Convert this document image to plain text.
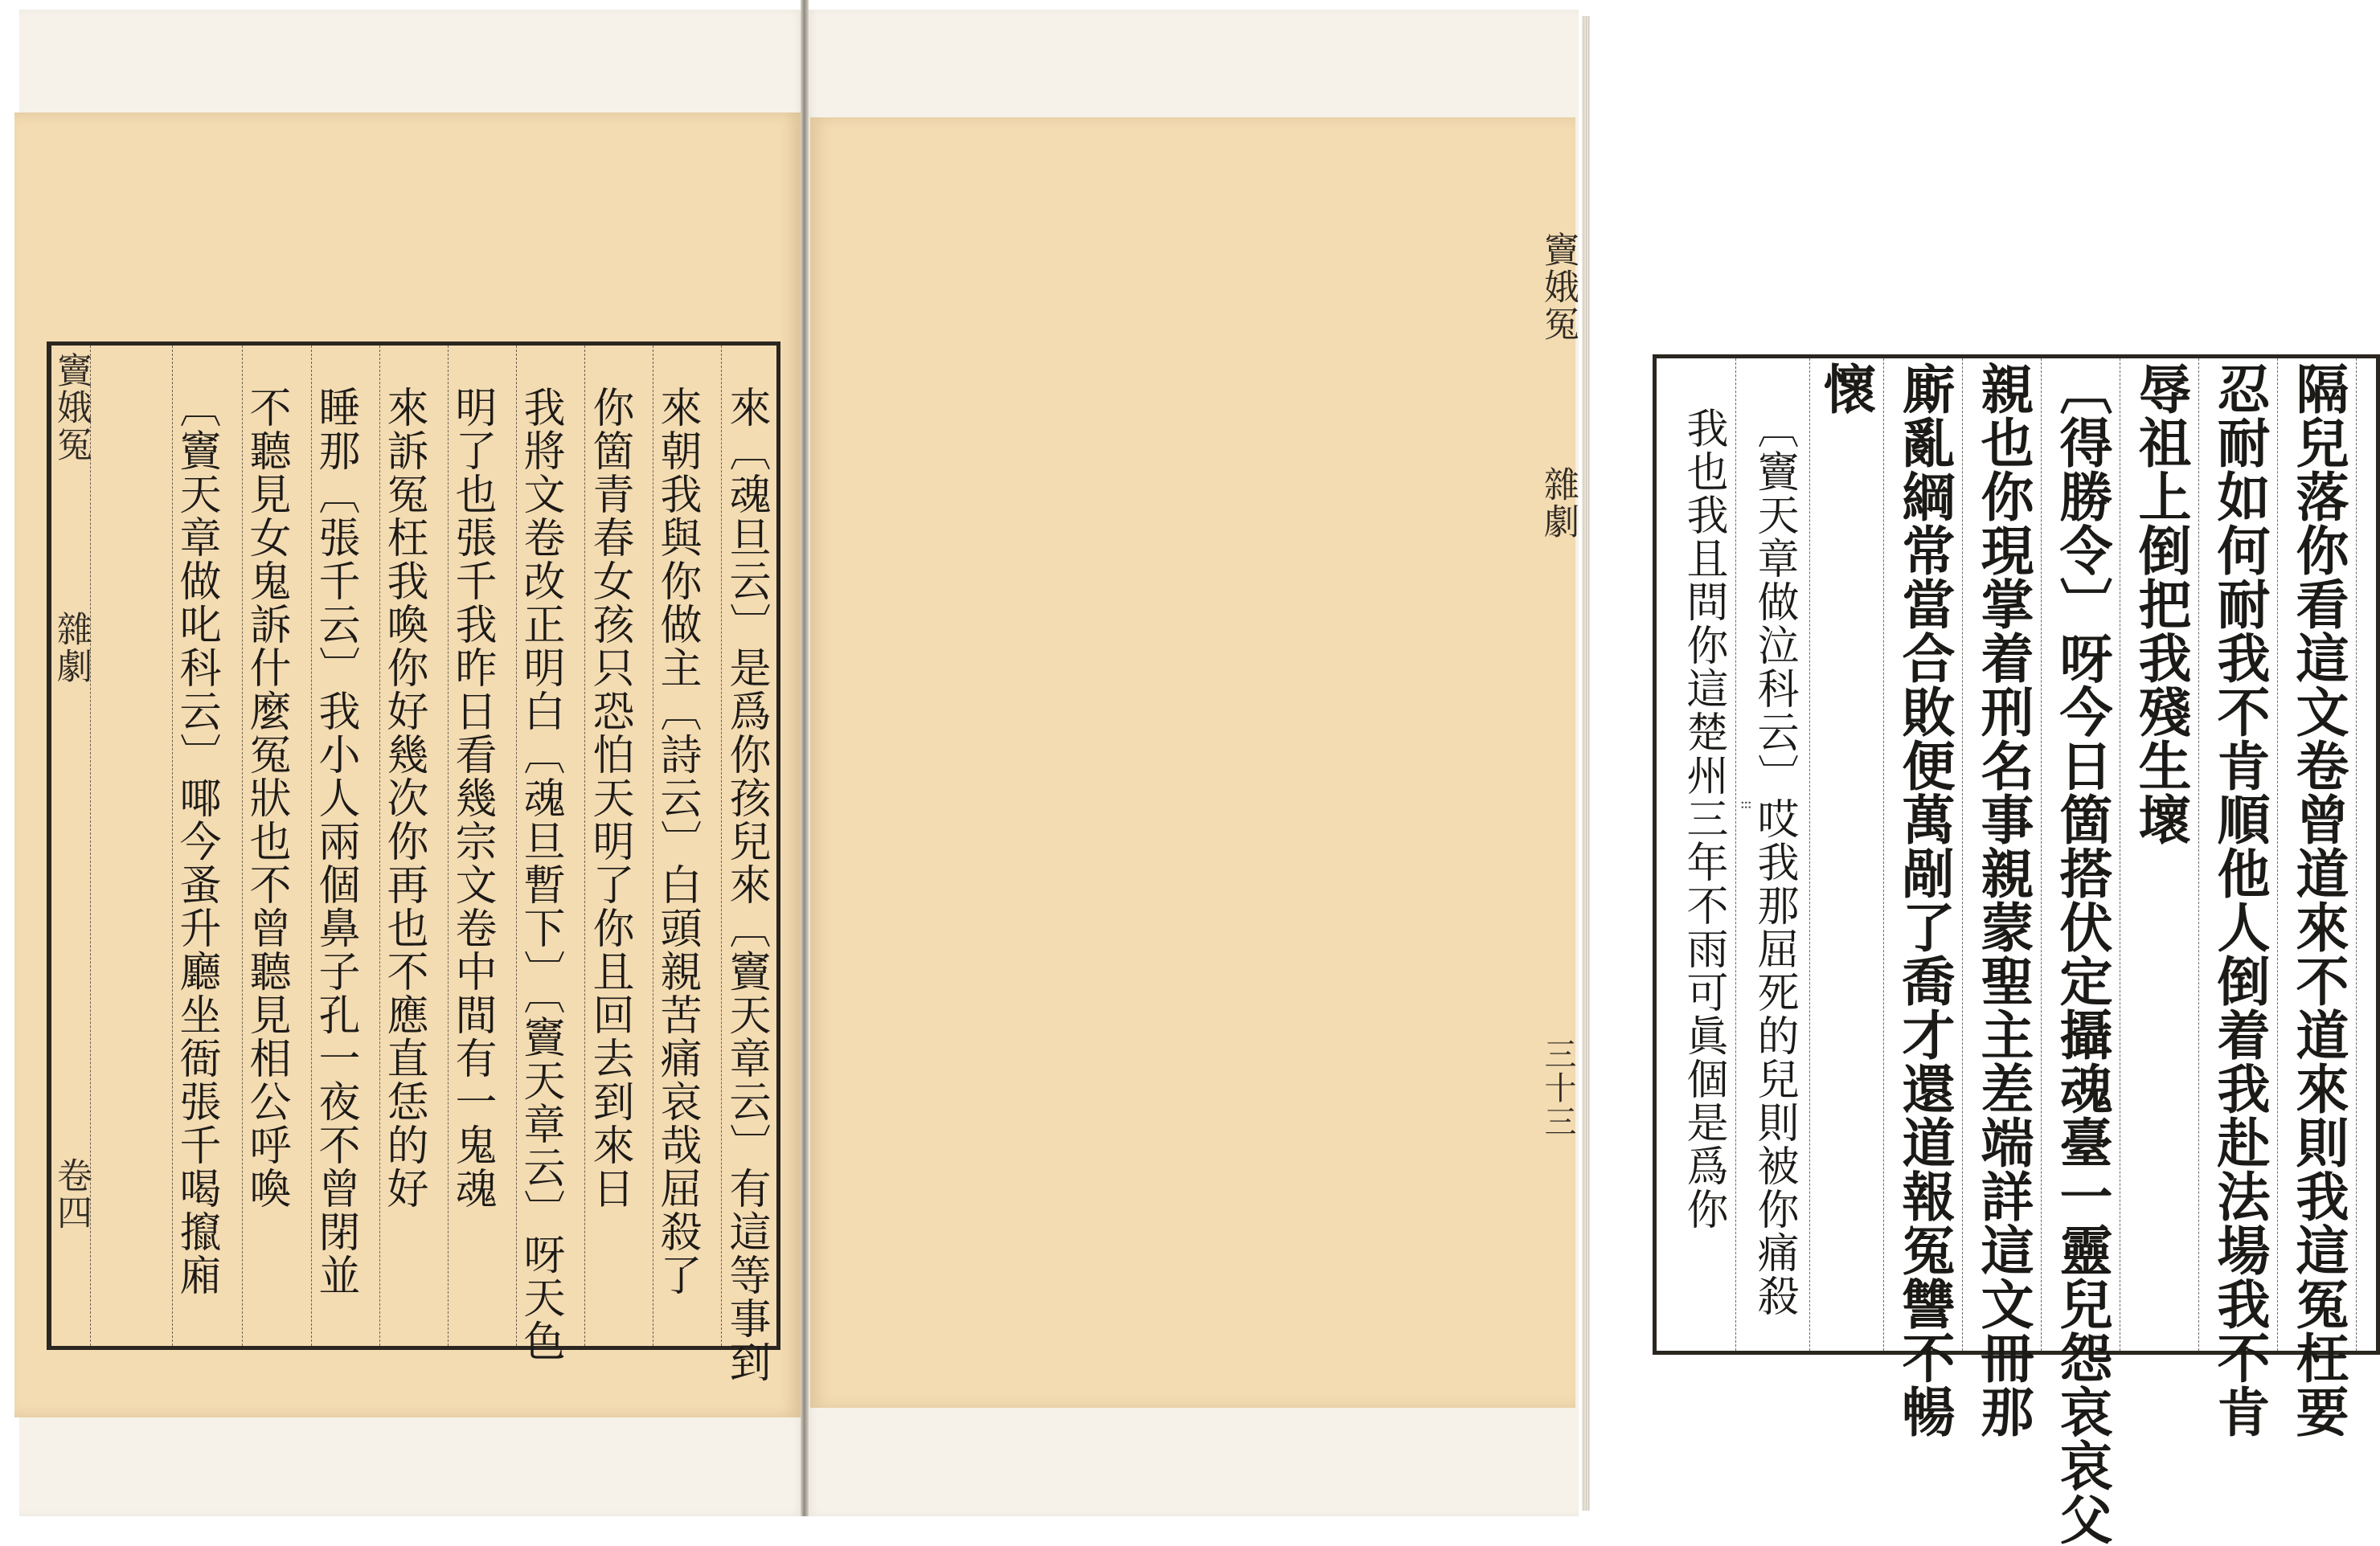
竇娥冤
雜劇
卷四	來〔魂旦云〕是爲你孩兒來〔竇天章云〕有這等事到
來朝我與你做主〔詩云〕白頭親苦痛哀哉屈殺了
你箇青春女孩只恐怕天明了你且回去到來日
我將文卷改正明白〔魂旦暫下〕〔竇天章云〕呀天色
明了也張千我昨日看幾宗文卷中間有一鬼魂
來訴冤枉我喚你好幾次你再也不應直恁的好
睡那〔張千云〕我小人兩個鼻子孔一夜不曾閉並
不聽見女鬼訴什麼冤狀也不曾聽見相公呼喚
〔竇天章做叱科云〕㖿今蚤升廳坐衙張千喝攛廂	隔兒落你看這文卷曾道來不道來則我這冤枉要
忍耐如何耐我不肯順他人倒着我赴法場我不肯
辱祖上倒把我殘生壞
〔得勝令〕呀今日箇搭伏定攝魂臺一靈兒怨哀哀父
親也你現掌着刑名事親蒙聖主差端詳這文冊那
廝亂綱常當合敗便萬剮了喬才還道報冤讐不暢
懷
〔竇天章做泣科云〕哎我那屈死的兒則被你痛殺
我也我且問你這楚州三年不雨可眞個是爲你 ⁝⁝
竇娥冤
雜劇
三十三
